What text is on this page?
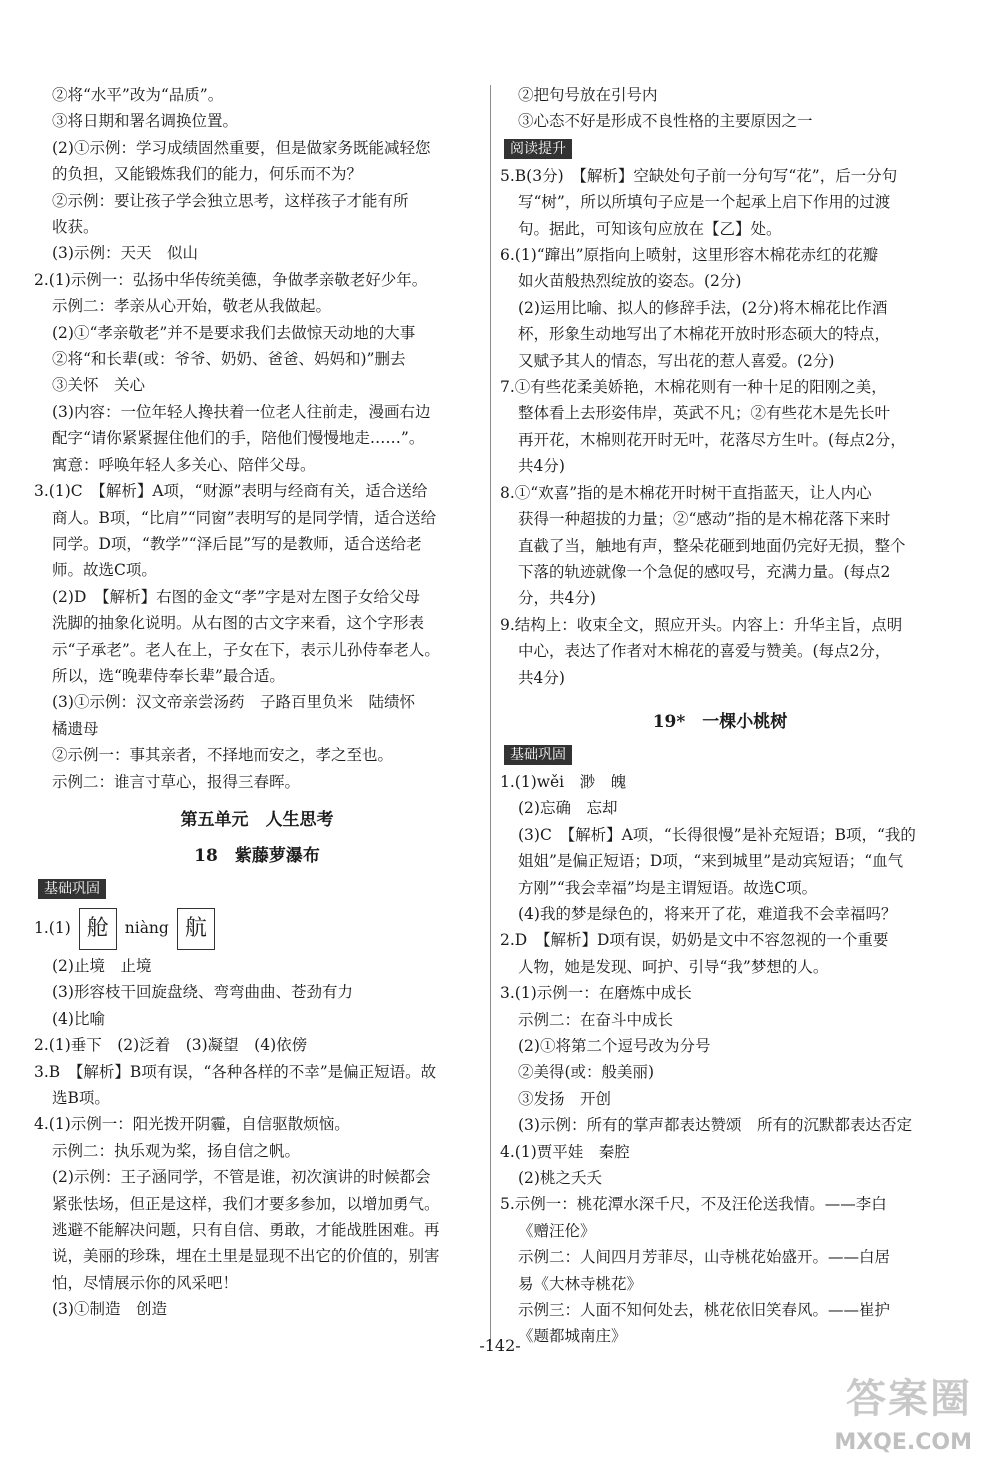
②将“水平”改为“品质”。
③将日期和署名调换位置。
(2)①示例：学习成绩固然重要，但是做家务既能减轻您
的负担，又能锻炼我们的能力，何乐而不为？
②示例：要让孩子学会独立思考，这样孩子才能有所
收获。
(3)示例：天天　似山
2.(1)示例一：弘扬中华传统美德，争做孝亲敬老好少年。
示例二：孝亲从心开始，敬老从我做起。
(2)①“孝亲敬老”并不是要求我们去做惊天动地的大事
②将“和长辈(或：爷爷、奶奶、爸爸、妈妈和)”删去
③关怀　关心
(3)内容：一位年轻人搀扶着一位老人往前走，漫画右边
配字“请你紧紧握住他们的手，陪他们慢慢地走……”。
寓意：呼唤年轻人多关心、陪伴父母。
3.(1)C　【解析】A项，“财源”表明与经商有关，适合送给
商人。B项，“比肩”“同窗”表明写的是同学情，适合送给
同学。D项，“教学”“泽后昆”写的是教师，适合送给老
师。故选C项。
(2)D　【解析】右图的金文“孝”字是对左图子女给父母
洗脚的抽象化说明。从右图的古文字来看，这个字形表
示“子承老”。老人在上，子女在下，表示儿孙侍奉老人。
所以，选“晚辈侍奉长辈”最合适。
(3)①示例：汉文帝亲尝汤药　子路百里负米　陆绩怀
橘遗母
②示例一：事其亲者，不择地而安之，孝之至也。
示例二：谁言寸草心，报得三春晖。
第五单元　人生思考
18　紫藤萝瀑布
基础巩固
1.(1) 舱 niàng 航
(2)止境　止境
(3)形容枝干回旋盘绕、弯弯曲曲、苍劲有力
(4)比喻
2.(1)垂下　(2)泛着　(3)凝望　(4)依傍
3.B　【解析】B项有误，“各种各样的不幸”是偏正短语。故
选B项。
4.(1)示例一：阳光拨开阴霾，自信驱散烦恼。
示例二：执乐观为桨，扬自信之帆。
(2)示例：王子涵同学，不管是谁，初次演讲的时候都会
紧张怯场，但正是这样，我们才要多参加，以增加勇气。
逃避不能解决问题，只有自信、勇敢，才能战胜困难。再
说，美丽的珍珠，埋在土里是显现不出它的价值的，别害
怕，尽情展示你的风采吧！
(3)①制造　创造
②把句号放在引号内
③心态不好是形成不良性格的主要原因之一
阅读提升
5.B(3分)　【解析】空缺处句子前一分句写“花”，后一分句
写“树”，所以所填句子应是一个起承上启下作用的过渡
句。据此，可知该句应放在【乙】处。
6.(1)“蹿出”原指向上喷射，这里形容木棉花赤红的花瓣
如火苗般热烈绽放的姿态。(2分)
(2)运用比喻、拟人的修辞手法，(2分)将木棉花比作酒
杯，形象生动地写出了木棉花开放时形态硕大的特点，
又赋予其人的情态，写出花的惹人喜爱。(2分)
7.①有些花柔美娇艳，木棉花则有一种十足的阳刚之美，
整体看上去形姿伟岸，英武不凡；②有些花木是先长叶
再开花，木棉则花开时无叶，花落尽方生叶。(每点2分，
共4分)
8.①“欢喜”指的是木棉花开时树干直指蓝天，让人内心
获得一种超拔的力量；②“感动”指的是木棉花落下来时
直截了当，触地有声，整朵花砸到地面仍完好无损，整个
下落的轨迹就像一个急促的感叹号，充满力量。(每点2
分，共4分)
9.结构上：收束全文，照应开头。内容上：升华主旨，点明
中心，表达了作者对木棉花的喜爱与赞美。(每点2分，
共4分)
19*　一棵小桃树
基础巩固
1.(1)wěi　渺　魄
(2)忘确　忘却
(3)C　【解析】A项，“长得很慢”是补充短语；B项，“我的
姐姐”是偏正短语；D项，“来到城里”是动宾短语；“血气
方刚”“我会幸福”均是主谓短语。故选C项。
(4)我的梦是绿色的，将来开了花，难道我不会幸福吗？
2.D　【解析】D项有误，奶奶是文中不容忽视的一个重要
人物，她是发现、呵护、引导“我”梦想的人。
3.(1)示例一：在磨炼中成长
示例二：在奋斗中成长
(2)①将第二个逗号改为分号
②美得(或：般美丽)
③发扬　开创
(3)示例：所有的掌声都表达赞颂　所有的沉默都表达否定
4.(1)贾平娃　秦腔
(2)桃之夭夭
5.示例一：桃花潭水深千尺，不及汪伦送我情。——李白
《赠汪伦》
示例二：人间四月芳菲尽，山寺桃花始盛开。——白居
易《大林寺桃花》
示例三：人面不知何处去，桃花依旧笑春风。——崔护
《题都城南庄》
-142-
答案圈
MXQE.COM
